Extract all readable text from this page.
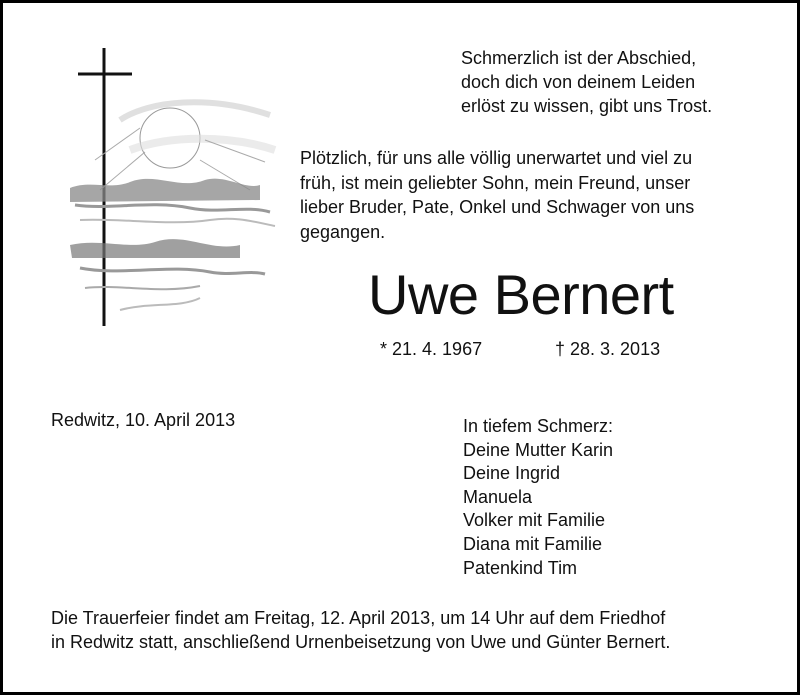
Schmerzlich ist der Abschied,
doch dich von deinem Leiden
erlöst zu wissen, gibt uns Trost.
Plötzlich, für uns alle völlig unerwartet und viel zu
früh, ist mein geliebter Sohn, mein Freund, unser
lieber Bruder, Pate, Onkel und Schwager von uns
gegangen.
Uwe Bernert
* 21. 4. 1967	† 28. 3. 2013
Redwitz, 10. April 2013	In tiefem Schmerz:
Deine Mutter Karin
Deine Ingrid
Manuela
Volker mit Familie
Diana mit Familie
Patenkind Tim
Die Trauerfeier findet am Freitag, 12. April 2013, um 14 Uhr auf dem Friedhof
in Redwitz statt, anschließend Urnenbeisetzung von Uwe und Günter Bernert.
